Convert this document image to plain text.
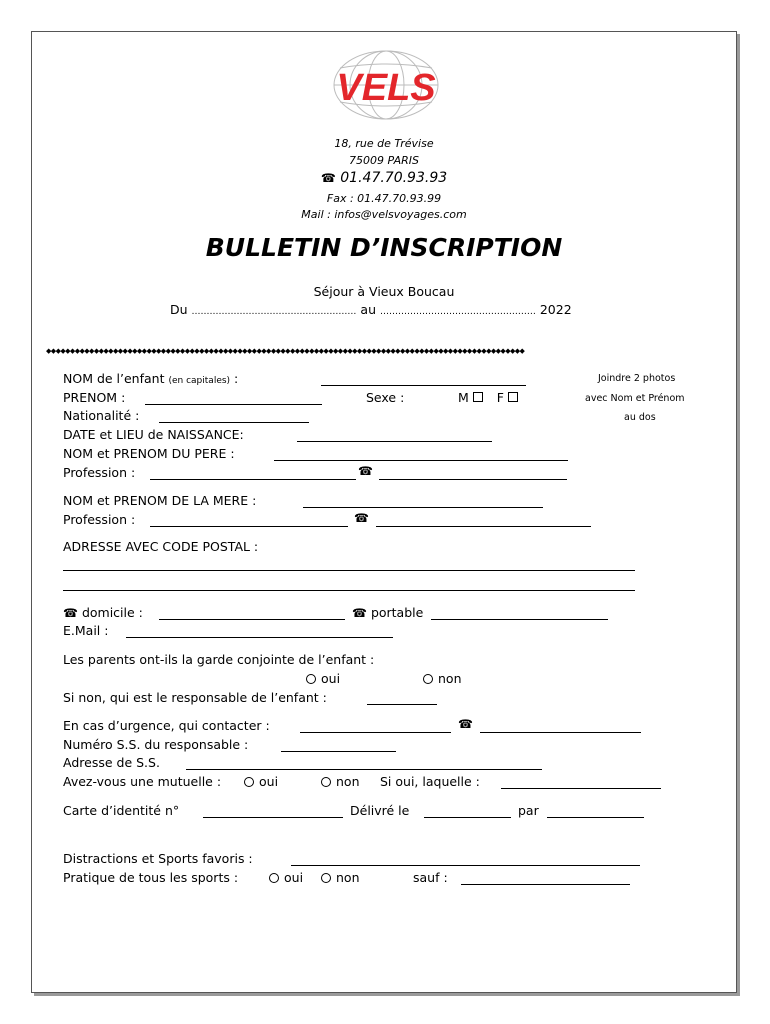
VELS
18, rue de Trévise
75009 PARIS
☎ 01.47.70.93.93
Fax : 01.47.70.93.99
Mail : infos@velsvoyages.com
BULLETIN D’INSCRIPTION
Séjour à Vieux Boucau
Du ……………………………….……………… au ……………………….…………………… 2022
◆◆◆◆◆◆◆◆◆◆◆◆◆◆◆◆◆◆◆◆◆◆◆◆◆◆◆◆◆◆◆◆◆◆◆◆◆◆◆◆◆◆◆◆◆◆◆◆◆◆◆◆◆◆◆◆◆◆◆◆◆◆◆◆◆◆◆◆◆◆◆◆◆◆◆◆◆◆◆◆◆◆◆◆◆◆◆◆◆◆◆◆◆◆◆◆◆◆◆◆
Joindre 2 photos
avec Nom et Prénom
au dos
NOM de l’enfant (en capitales) :
PRENOM :	Sexe :	M F
Nationalité :
DATE et LIEU de NAISSANCE:
NOM et PRENOM DU PERE :
Profession :	☎
NOM et PRENOM DE LA MERE :
Profession :	☎
ADRESSE AVEC CODE POSTAL :
☎ domicile :	☎ portable
E.Mail :
Les parents ont-ils la garde conjointe de l’enfant :
oui	non
Si non, qui est le responsable de l’enfant :
En cas d’urgence, qui contacter :	☎
Numéro S.S. du responsable :
Adresse de S.S.
Avez-vous une mutuelle :	oui	non Si oui, laquelle :
Carte d’identité n°	Délivré le	par
Distractions et Sports favoris :
Pratique de tous les sports :	oui	non	sauf :
